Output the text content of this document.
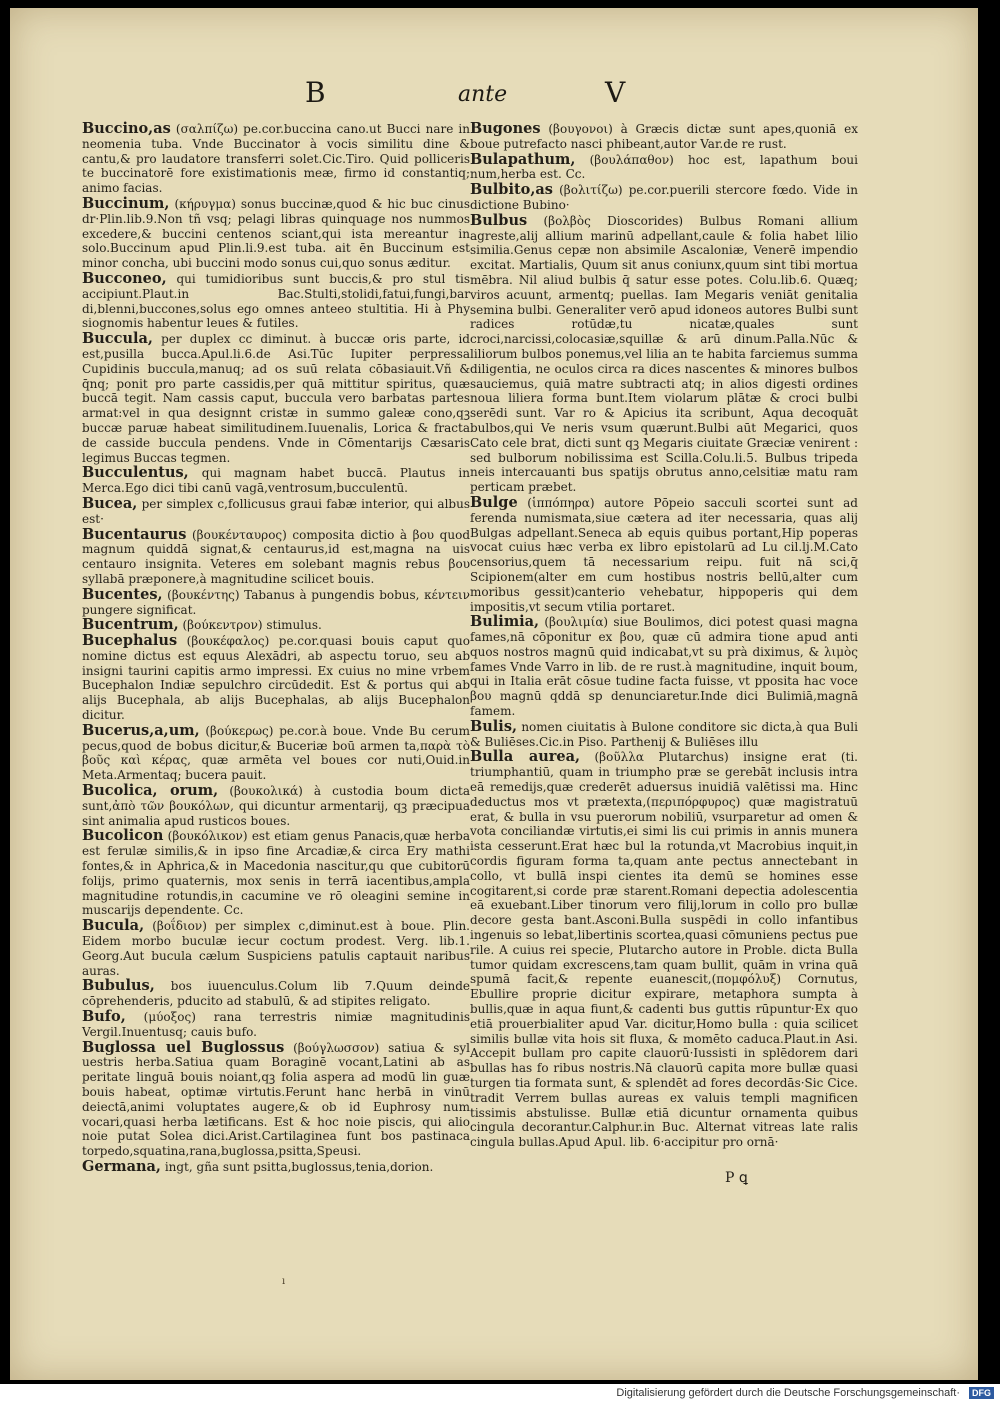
B	ante	V
Buccino,as (σαλπίζω) pe.cor.buccina cano.ut Bucci nare in neomenia tuba. Vnde Buccinator à vocis similitu dine & cantu,& pro laudatore transferri solet.Cic.Tiro. Quid polliceris te buccinatorē fore existimationis meæ, firmo id constantiq; animo facias.
Buccinum, (κήρυγμα) sonus buccinæ,quod & hic buc cinus dr·Plin.lib.9.Non tñ vsq; pelagi libras quinquage nos nummos excedere,& buccini centenos sciant,qui ista mereantur in solo.Buccinum apud Plin.li.9.est tuba. ait ēn Buccinum est minor concha, ubi buccini modo sonus cui,quo sonus æditur.
Bucconeo, qui tumidioribus sunt buccis,& pro stul tis accipiunt.Plaut.in Bac.Stulti,stolidi,fatui,fungi,bar di,blenni,buccones,solus ego omnes anteeo stultitia. Hi à Phy siognomis habentur leues & futiles.
Buccula, per duplex cc diminut. à buccæ oris parte, id est,pusilla bucca.Apul.li.6.de Asi.Tūc Iupiter perpressa Cupidinis buccula,manuq; ad os suū relata cōbasiauit.Vñ & q̄nq; ponit pro parte cassidis,per quā mittitur spiritus, quæ buccā tegit. Nam cassis caput, buccula vero barbatas partes armat:vel in qua designnt cristæ in summo galeæ cono,qꝫ buccæ paruæ habeat similitudinem.Iuuenalis, Lorica & fracta de casside buccula pendens. Vnde in Cōmentarijs Cæsaris legimus Buccas tegmen.
Bucculentus, qui magnam habet buccā. Plautus in Merca.Ego dici tibi canū vagā,ventrosum,bucculentū.
Bucea, per simplex c,follicusus graui fabæ interior, qui albus est·
Bucentaurus (βουκένταυρος) composita dictio à βου quod magnum quiddā signat,& centaurus,id est,magna na uis centauro insignita. Veteres em solebant magnis rebus βου syllabā præponere,à magnitudine scilicet bouis.
Bucentes, (βουκέντης) Tabanus à pungendis bobus, κέντειν pungere significat.
Bucentrum, (βούκεντρον) stimulus.
Bucephalus (βουκέφαλος) pe.cor.quasi bouis caput quo nomine dictus est equus Alexādri, ab aspectu toruo, seu ab insigni taurini capitis armo impressi. Ex cuius no mine vrbem Bucephalon Indiæ sepulchro circūdedit. Est & portus qui ab alijs Bucephala, ab alijs Bucephalas, ab alijs Bucephalon dicitur.
Bucerus,a,um, (βούκερως) pe.cor.à boue. Vnde Bu cerum pecus,quod de bobus dicitur,& Buceriæ boū armen ta,παρὰ τὸ βοῦς καὶ κέρας, quæ armēta vel boues cor nuti,Ouid.in Meta.Armentaq; bucera pauit.
Bucolica, orum, (βουκολικά) à custodia boum dicta sunt,ἀπὸ τῶν βουκόλων, qui dicuntur armentarij, qꝫ præcipua sint animalia apud rusticos boues.
Bucolicon (βουκόλικον) est etiam genus Panacis,quæ herba est ferulæ similis,& in ipso fine Arcadiæ,& circa Ery mathi fontes,& in Aphrica,& in Macedonia nascitur,qu que cubitorū folijs, primo quaternis, mox senis in terrā iacentibus,ampla magnitudine rotundis,in cacumine ve rō oleagini semine in muscarijs dependente. Cc.
Bucula, (βοΐδιον) per simplex c,diminut.est à boue. Plin. Eidem morbo buculæ iecur coctum prodest. Verg. lib.1. Georg.Aut bucula cælum Suspiciens patulis captauit naribus auras.
Bubulus, bos iuuenculus.Colum lib 7.Quum deinde cōprehenderis, pducito ad stabulū, & ad stipites religato.
Bufo, (μύοξος) rana terrestris nimiæ magnitudinis Vergil.Inuentusq; cauis bufo.
Buglossa uel Buglossus (βούγλωσσον) satiua & syl uestris herba.Satiua quam Boraginē vocant,Latini ab as peritate linguā bouis noiant,qꝫ folia aspera ad modū lin guæ bouis habeat, optimæ virtutis.Ferunt hanc herbā in vinū deiectā,animi voluptates augere,& ob id Euphrosy num vocari,quasi herba lætificans. Est & hoc noie piscis, qui alio noie putat Solea dici.Arist.Cartilaginea funt bos pastinaca torpedo,squatina,rana,buglossa,psitta,Speusi.
Germana, ingt, gña sunt psitta,buglossus,tenia,dorion.
Bugones (βουγονοι) à Græcis dictæ sunt apes,quoniā ex boue putrefacto nasci phibeant,autor Var.de re rust.
Bulapathum, (βουλάπαθον) hoc est, lapathum boui num,herba est. Cc.
Bulbito,as (βολιτίζω) pe.cor.puerili stercore fœdo. Vide in dictione Bubino·
Bulbus (βολβὸς Dioscorides) Bulbus Romani allium agreste,alij allium marinū adpellant,caule & folia habet lilio similia.Genus cepæ non absimile Ascaloniæ, Venerē impendio excitat. Martialis, Quum sit anus coniunx,quum sint tibi mortua mēbra. Nil aliud bulbis q̄ satur esse potes. Colu.lib.6. Quæq; viros acuunt, armentq; puellas. Iam Megaris veniāt genitalia semina bulbi. Generaliter verō apud idoneos autores Bulbi sunt radices rotūdæ,tu nicatæ,quales sunt croci,narcissi,colocasiæ,squillæ & arū dinum.Palla.Nūc & liliorum bulbos ponemus,vel lilia an te habita farciemus summa diligentia, ne oculos circa ra dices nascentes & minores bulbos sauciemus, quiā matre subtracti atq; in alios digesti ordines noua liliera forma bunt.Item violarum plātæ & croci bulbi serēdi sunt. Var ro & Apicius ita scribunt, Aqua decoquāt bulbos,qui Ve neris vsum quærunt.Bulbi aūt Megarici, quos Cato cele brat, dicti sunt qꝫ Megaris ciuitate Græciæ venirent : sed bulborum nobilissima est Scilla.Colu.li.5. Bulbus tripeda neis intercauanti bus spatijs obrutus anno,celsitiæ matu ram perticam præbet.
Bulge (ἱππόπηρα) autore Pōpeio sacculi scortei sunt ad ferenda numismata,siue cætera ad iter necessaria, quas alij Bulgas adpellant.Seneca ab equis quibus portant,Hip poperas vocat cuius hæc verba ex libro epistolarū ad Lu cil.lj.M.Cato censorius,quem tā necessarium reipu. fuit nā sci,q̄ Scipionem(alter em cum hostibus nostris bellū,alter cum moribus gessit)canterio vehebatur, hippoperis qui dem impositis,vt secum vtilia portaret.
Bulimia, (βουλιμία) siue Boulimos, dici potest quasi magna fames,nā cōponitur ex βου, quæ cū admira tione apud anti quos nostros magnū quid indicabat,vt su prà diximus, & λιμὸς fames Vnde Varro in lib. de re rust.à magnitudine, inquit boum, qui in Italia erāt cōsue tudine facta fuisse, vt pposita hac voce βου magnū qddā sp denunciaretur.Inde dici Bulimiā,magnā famem.
Bulis, nomen ciuitatis à Bulone conditore sic dicta,à qua Buli & Buliēses.Cic.in Piso. Parthenij & Buliēses illu
Bulla aurea, (βοῦλλα Plutarchus) insigne erat (ti. triumphantiū, quam in triumpho præ se gerebāt inclusis intra eā remedijs,quæ crederēt aduersus inuidiā valētissi ma. Hinc deductus mos vt prætexta,(περιπόρφυρος) quæ magistratuū erat, & bulla in vsu puerorum nobiliū, vsurparetur ad omen & vota conciliandæ virtutis,ei simi lis cui primis in annis munera ista cesserunt.Erat hæc bul la rotunda,vt Macrobius inquit,in cordis figuram forma ta,quam ante pectus annectebant in collo, vt bullā inspi cientes ita demū se homines esse cogitarent,si corde præ starent.Romani depectia adolescentia eā exuebant.Liber tinorum vero filij,lorum in collo pro bullæ decore gesta bant.Asconi.Bulla suspēdi in collo infantibus ingenuis so lebat,libertinis scortea,quasi cōmuniens pectus pue rile. A cuius rei specie, Plutarcho autore in Proble. dicta Bulla tumor quidam excrescens,tam quam bullit, quām in vrina quā spumā facit,& repente euanescit,(πομφόλυξ) Cornutus, Ebullire proprie dicitur expirare, metaphora sumpta à bullis,quæ in aqua fiunt,& cadenti bus guttis rūpuntur·Ex quo etiā prouerbialiter apud Var. dicitur,Homo bulla : quia scilicet similis bullæ vita hois sit fluxa, & momēto caduca.Plaut.in Asi. Accepit bullam pro capite clauorū·Iussisti in splēdorem dari bullas has fo ribus nostris.Nā clauorū capita more bullæ quasi turgen tia formata sunt, & splendēt ad fores decordās·Sic Cice. tradit Verrem bullas aureas ex valuis templi magnificen tissimis abstulisse. Bullæ etiā dicuntur ornamenta quibus cingula decorantur.Calphur.in Buc. Alternat vitreas late ralis cingula bullas.Apud Apul. lib. 6·accipitur pro ornā·
P ꝗ
ı
Digitalisierung gefördert durch die Deutsche Forschungsgemeinschaft·	DFG
